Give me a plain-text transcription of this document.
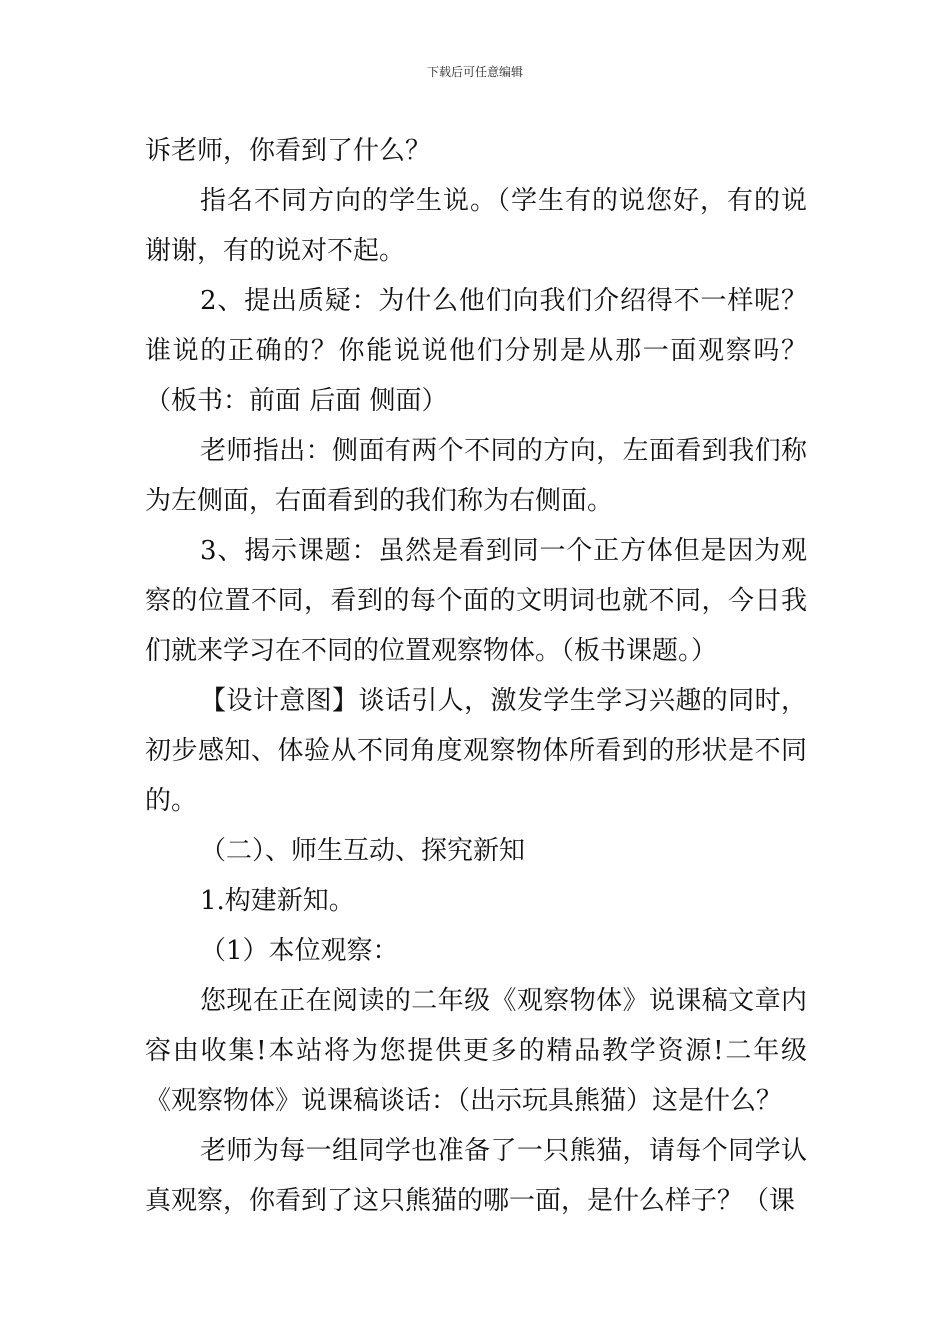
下载后可任意编辑

诉老师，你看到了什么？

指名不同方向的学生说。（学生有的说您好，有的说谢谢，有的说对不起。

2、提出质疑：为什么他们向我们介绍得不一样呢？谁说的正确的？你能说说他们分别是从那一面观察吗？（板书：前面 后面 侧面）

老师指出：侧面有两个不同的方向，左面看到我们称为左侧面，右面看到的我们称为右侧面。

3、揭示课题：虽然是看到同一个正方体但是因为观察的位置不同，看到的每个面的文明词也就不同，今日我们就来学习在不同的位置观察物体。（板书课题。）

【设计意图】谈话引人，激发学生学习兴趣的同时，初步感知、体验从不同角度观察物体所看到的形状是不同的。

（二）、师生互动、探究新知

1.构建新知。

（1）本位观察：

您现在正在阅读的二年级《观察物体》说课稿文章内容由收集!本站将为您提供更多的精品教学资源!二年级《观察物体》说课稿谈话：（出示玩具熊猫）这是什么？

老师为每一组同学也准备了一只熊猫，请每个同学认真观察，你看到了这只熊猫的哪一面，是什么样子？（课
